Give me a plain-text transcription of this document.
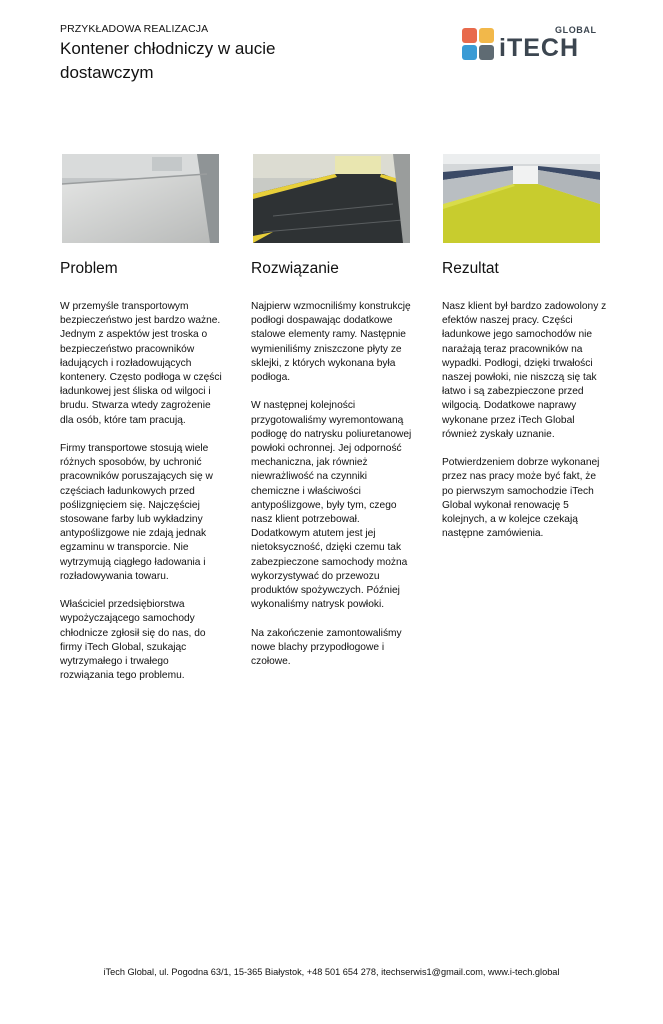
PRZYKŁADOWA REALIZACJA
Kontener chłodniczy w aucie dostawczym
GLOBAL
iTECH
Problem	Rozwiązanie	Rezultat

W przemyśle transportowym bezpieczeństwo jest bardzo ważne. Jednym z aspektów jest troska o bezpieczeństwo pracowników ładujących i rozładowujących kontenery. Często podłoga w części ładunkowej jest śliska od wilgoci i brudu. Stwarza wtedy zagrożenie dla osób, które tam pracują.

Firmy transportowe stosują wiele różnych sposobów, by uchronić pracowników poruszających się w częściach ładunkowych przed poślizgnięciem się. Najczęściej stosowane farby lub wykładziny antypoślizgowe nie zdają jednak egzaminu w transporcie. Nie wytrzymują ciągłego ładowania i rozładowywania towaru.

Właściciel przedsiębiorstwa wypożyczającego samochody chłodnicze zgłosił się do nas, do firmy iTech Global, szukając wytrzymałego i trwałego rozwiązania tego problemu.

Najpierw wzmocniliśmy konstrukcję podłogi dospawając dodatkowe stalowe elementy ramy. Następnie wymieniliśmy zniszczone płyty ze sklejki, z których wykonana była podłoga.

W następnej kolejności przygotowaliśmy wyremontowaną podłogę do natrysku poliuretanowej powłoki ochronnej. Jej odporność mechaniczna, jak również niewrażliwość na czynniki chemiczne i właściwości antypoślizgowe, były tym, czego nasz klient potrzebował. Dodatkowym atutem jest jej nietoksyczność, dzięki czemu tak zabezpieczone samochody można wykorzystywać do przewozu produktów spożywczych. Później wykonaliśmy natrysk powłoki.

Na zakończenie zamontowaliśmy nowe blachy przypodłogowe i czołowe.

Nasz klient był bardzo zadowolony z efektów naszej pracy. Części ładunkowe jego samochodów nie narażają teraz pracowników na wypadki. Podłogi, dzięki trwałości naszej powłoki, nie niszczą się tak łatwo i są zabezpieczone przed wilgocią. Dodatkowe naprawy wykonane przez iTech Global również zyskały uznanie.

Potwierdzeniem dobrze wykonanej przez nas pracy może być fakt, że po pierwszym samochodzie iTech Global wykonał renowację 5 kolejnych, a w kolejce czekają następne zamówienia.

iTech Global, ul. Pogodna 63/1, 15-365 Białystok, +48 501 654 278, itechserwis1@gmail.com, www.i-tech.global
